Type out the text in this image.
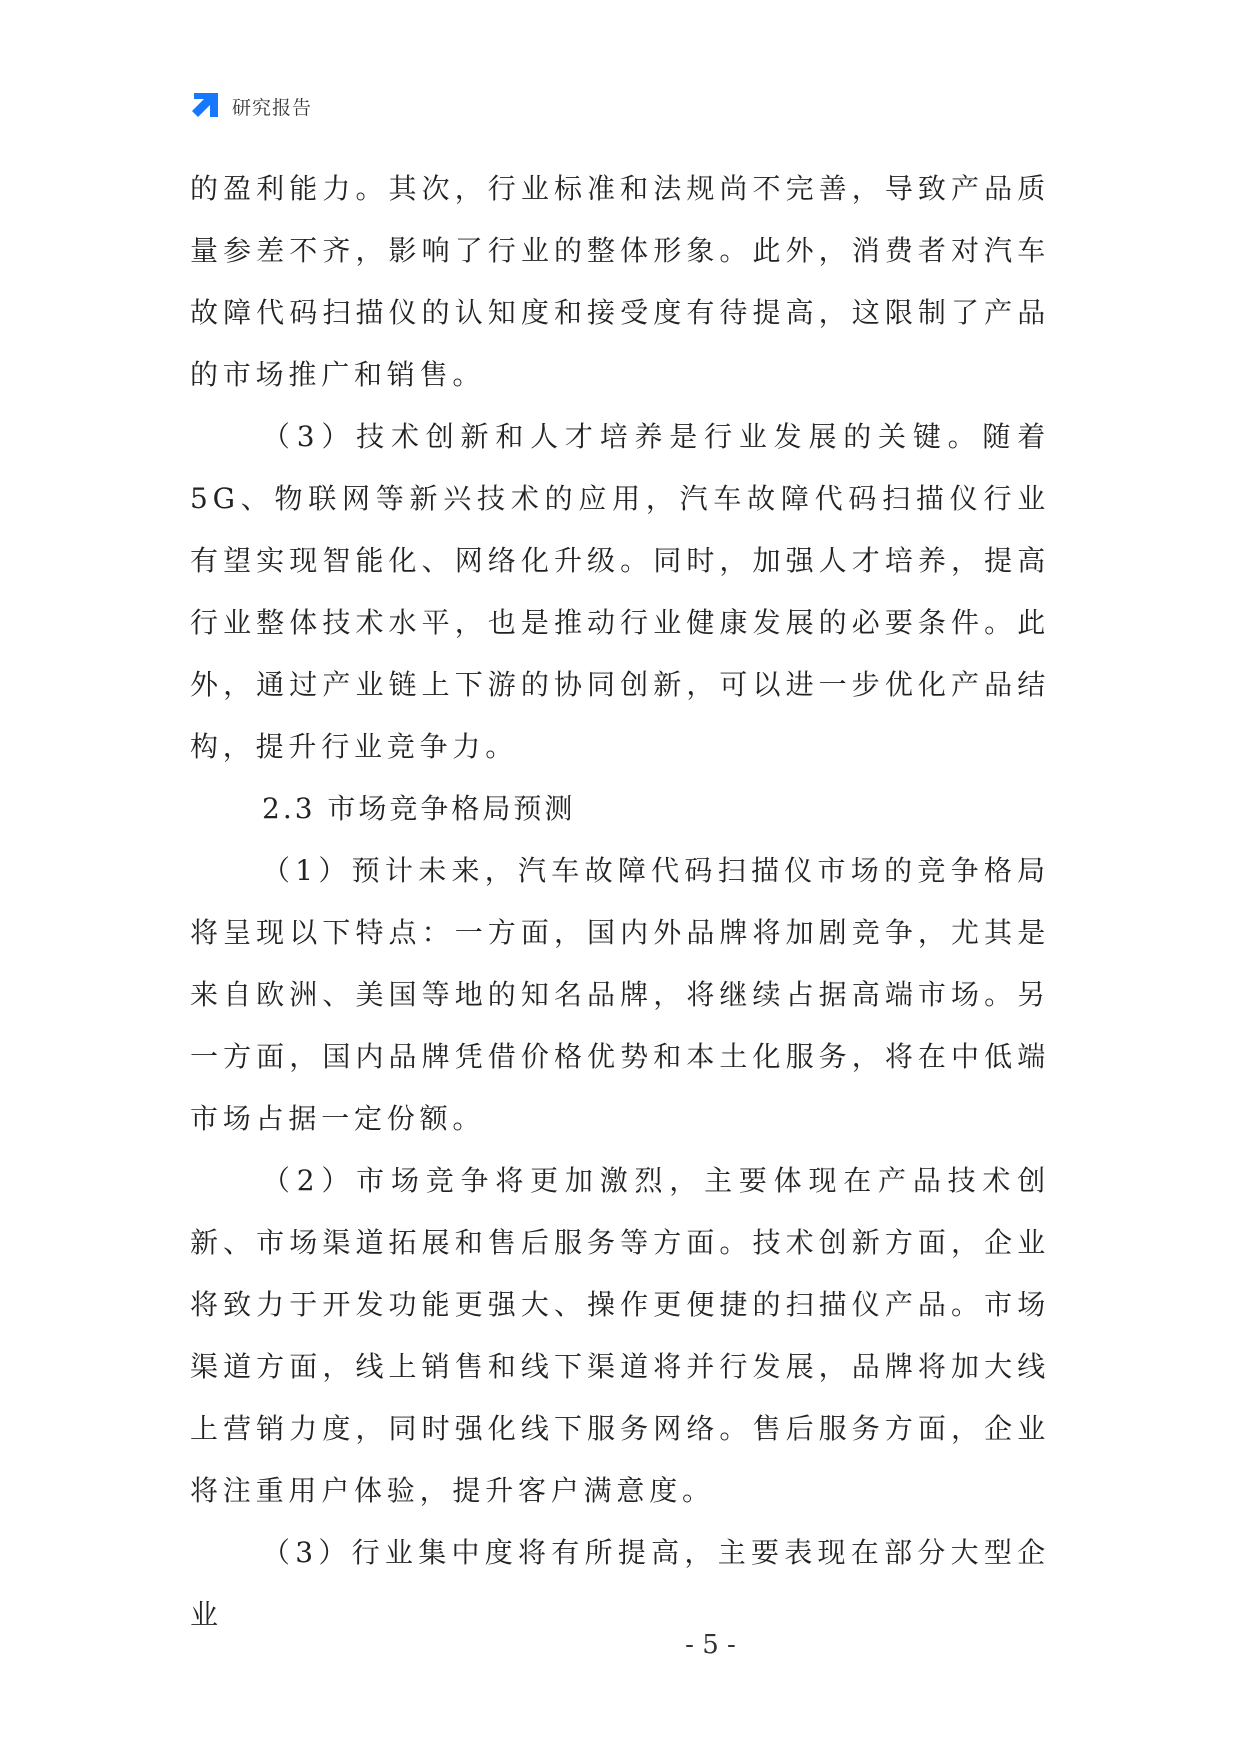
研究报告

的盈利能力。其次，行业标准和法规尚不完善，导致产品质量参差不齐，影响了行业的整体形象。此外，消费者对汽车故障代码扫描仪的认知度和接受度有待提高，这限制了产品的市场推广和销售。

（3）技术创新和人才培养是行业发展的关键。随着5G、物联网等新兴技术的应用，汽车故障代码扫描仪行业有望实现智能化、网络化升级。同时，加强人才培养，提高行业整体技术水平，也是推动行业健康发展的必要条件。此外，通过产业链上下游的协同创新，可以进一步优化产品结构，提升行业竞争力。

2.3 市场竞争格局预测

（1）预计未来，汽车故障代码扫描仪市场的竞争格局将呈现以下特点：一方面，国内外品牌将加剧竞争，尤其是来自欧洲、美国等地的知名品牌，将继续占据高端市场。另一方面，国内品牌凭借价格优势和本土化服务，将在中低端市场占据一定份额。

（2）市场竞争将更加激烈，主要体现在产品技术创新、市场渠道拓展和售后服务等方面。技术创新方面，企业将致力于开发功能更强大、操作更便捷的扫描仪产品。市场渠道方面，线上销售和线下渠道将并行发展，品牌将加大线上营销力度，同时强化线下服务网络。售后服务方面，企业将注重用户体验，提升客户满意度。

（3）行业集中度将有所提高，主要表现在部分大型企业

- 5 -
